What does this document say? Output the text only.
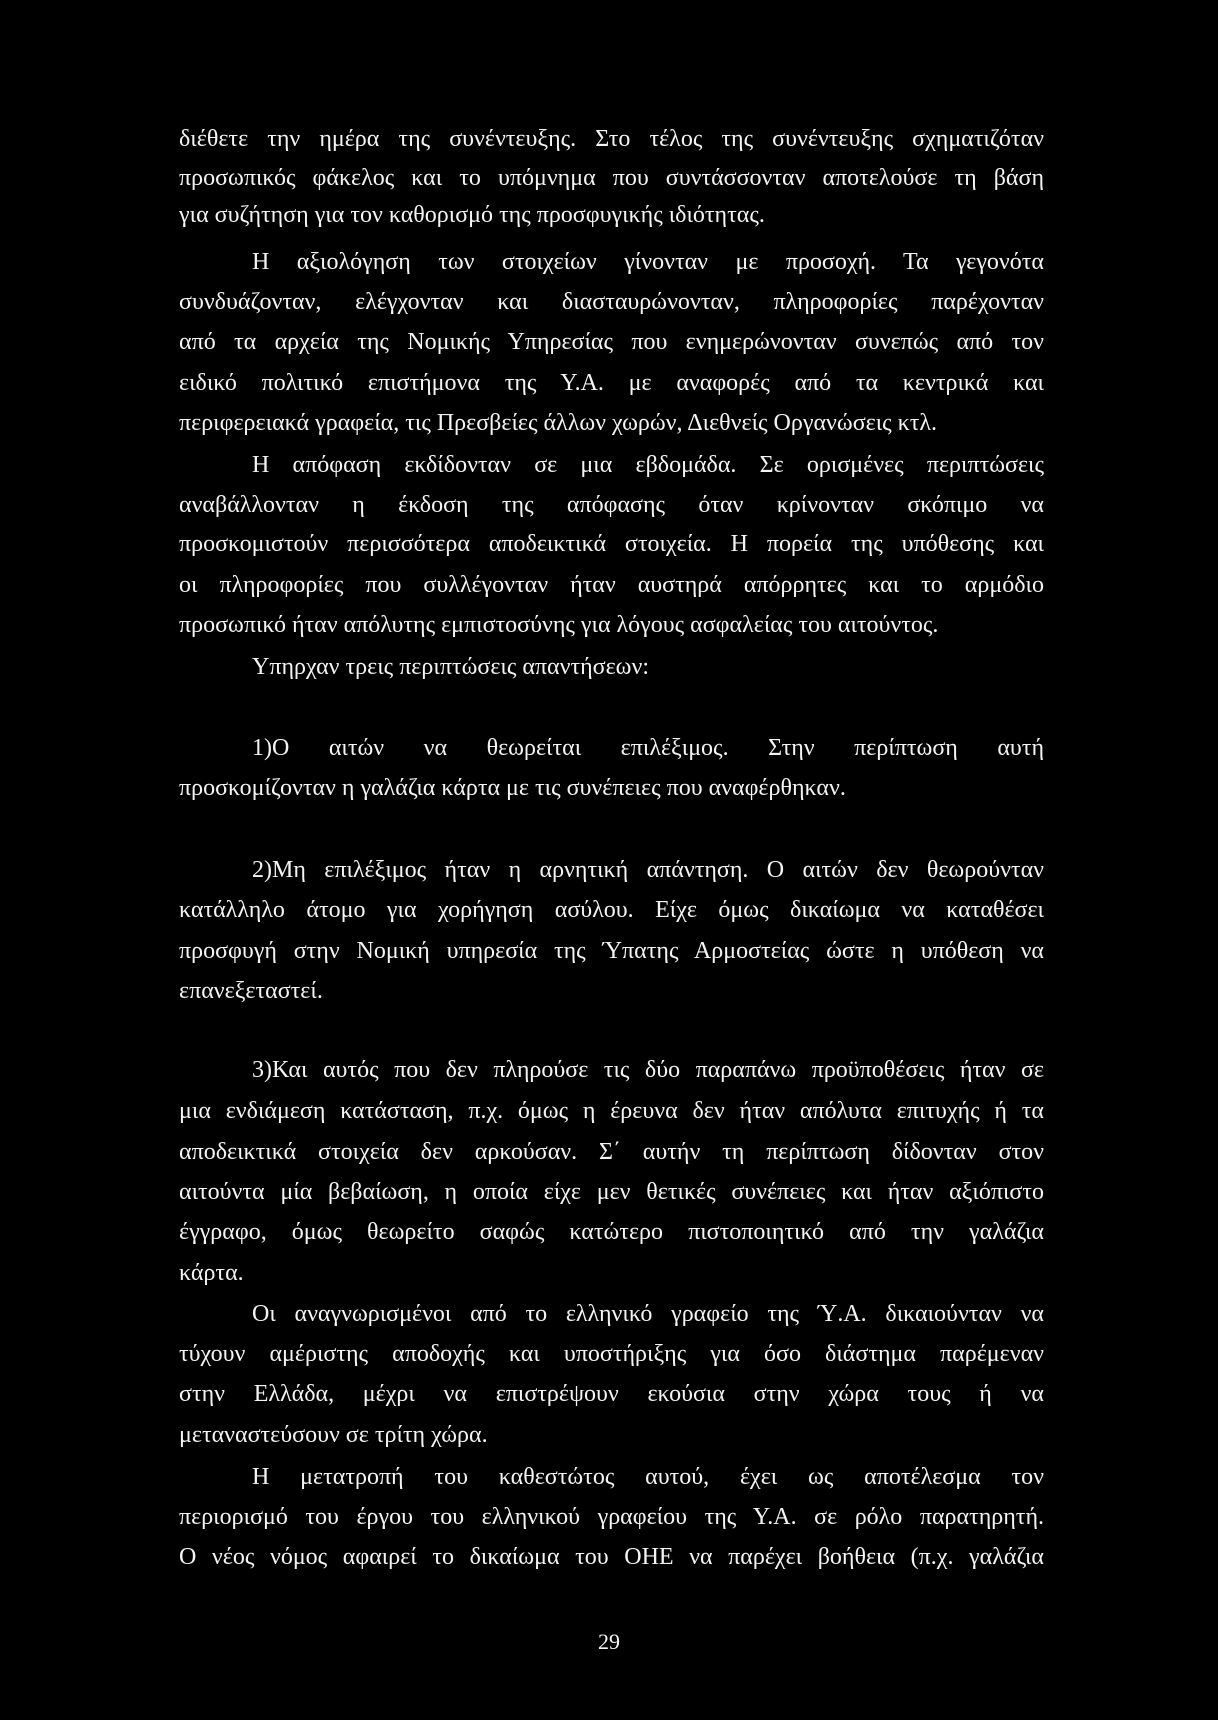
διέθετε την ημέρα της συνέντευξης. Στο τέλος της συνέντευξης σχηματιζόταν
προσωπικός φάκελος και το υπόμνημα που συντάσσονταν αποτελούσε τη βάση
για συζήτηση για τον καθορισμό της προσφυγικής ιδιότητας.
Η αξιολόγηση των στοιχείων γίνονταν με προσοχή. Τα γεγονότα
συνδυάζονταν, ελέγχονταν και διασταυρώνονταν, πληροφορίες παρέχονταν
από τα αρχεία της Νομικής Υπηρεσίας που ενημερώνονταν συνεπώς από τον
ειδικό πολιτικό επιστήμονα της Υ.Α. με αναφορές από τα κεντρικά και
περιφερειακά γραφεία, τις Πρεσβείες άλλων χωρών, Διεθνείς Οργανώσεις κτλ.
Η απόφαση εκδίδονταν σε μια εβδομάδα. Σε ορισμένες περιπτώσεις
αναβάλλονταν η έκδοση της απόφασης όταν κρίνονταν σκόπιμο να
προσκομιστούν περισσότερα αποδεικτικά στοιχεία. Η πορεία της υπόθεσης και
οι πληροφορίες που συλλέγονταν ήταν αυστηρά απόρρητες και το αρμόδιο
προσωπικό ήταν απόλυτης εμπιστοσύνης για λόγους ασφαλείας του αιτούντος.
Υπηρχαν τρεις περιπτώσεις απαντήσεων:
1)Ο αιτών να θεωρείται επιλέξιμος. Στην περίπτωση αυτή
προσκομίζονταν η γαλάζια κάρτα με τις συνέπειες που αναφέρθηκαν.
2)Μη επιλέξιμος ήταν η αρνητική απάντηση. Ο αιτών δεν θεωρούνταν
κατάλληλο άτομο για χορήγηση ασύλου. Είχε όμως δικαίωμα να καταθέσει
προσφυγή στην Νομική υπηρεσία της Ύπατης Αρμοστείας ώστε η υπόθεση να
επανεξεταστεί.
3)Και αυτός που δεν πληρούσε τις δύο παραπάνω προϋποθέσεις ήταν σε
μια ενδιάμεση κατάσταση, π.χ. όμως η έρευνα δεν ήταν απόλυτα επιτυχής ή τα
αποδεικτικά στοιχεία δεν αρκούσαν. Σ΄ αυτήν τη περίπτωση δίδονταν στον
αιτούντα μία βεβαίωση, η οποία είχε μεν θετικές συνέπειες και ήταν αξιόπιστο
έγγραφο, όμως θεωρείτο σαφώς κατώτερο πιστοποιητικό από την γαλάζια
κάρτα.
Οι αναγνωρισμένοι από το ελληνικό γραφείο της Ύ.Α. δικαιούνταν να
τύχουν αμέριστης αποδοχής και υποστήριξης για όσο διάστημα παρέμεναν
στην Ελλάδα, μέχρι να επιστρέψουν εκούσια στην χώρα τους ή να
μεταναστεύσουν σε τρίτη χώρα.
Η μετατροπή του καθεστώτος αυτού, έχει ως αποτέλεσμα τον
περιορισμό του έργου του ελληνικού γραφείου της Υ.Α. σε ρόλο παρατηρητή.
Ο νέος νόμος αφαιρεί το δικαίωμα του ΟΗΕ να παρέχει βοήθεια (π.χ. γαλάζια
29
